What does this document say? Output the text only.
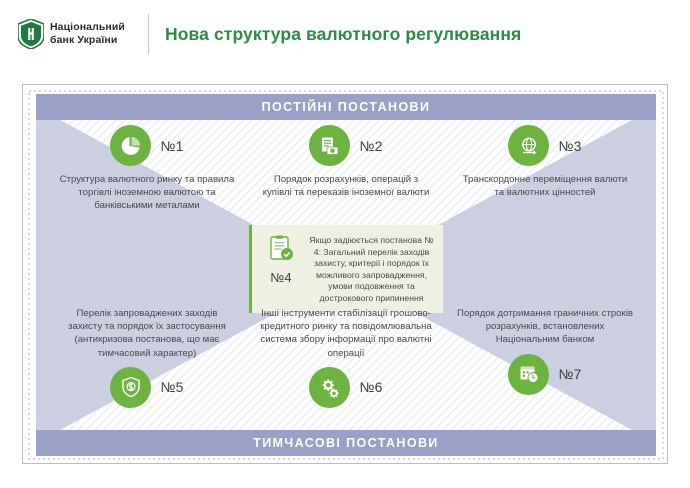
Національний
банк України	Нова структура валютного регулювання
ПОСТІЙНІ ПОСТАНОВИ
ТИМЧАСОВІ ПОСТАНОВИ
№1
Структура валютного ринку та правила торгівлі іноземною валютою та банківськими металами
№2
Порядок розрахунків, операцій з купівлі та переказів іноземної валюти
№3
Транскордонне переміщення валюти та валютних цінностей
№4
Якщо задіюється постанова № 4: Загальний перелік заходів захисту, критерії і порядок їх можливого запровадження, умови подовження та дострокового припинення
Перелік запроваджених заходів захисту та порядок їх застосування (антикризова постанова, що має тимчасовий характер)
№5
Інші інструменти стабілізації грошово-кредитного ринку та повідомлювальна система збору інформації про валютні операції
№6
Порядок дотримання граничних строків розрахунків, встановлених Національним банком
№7
